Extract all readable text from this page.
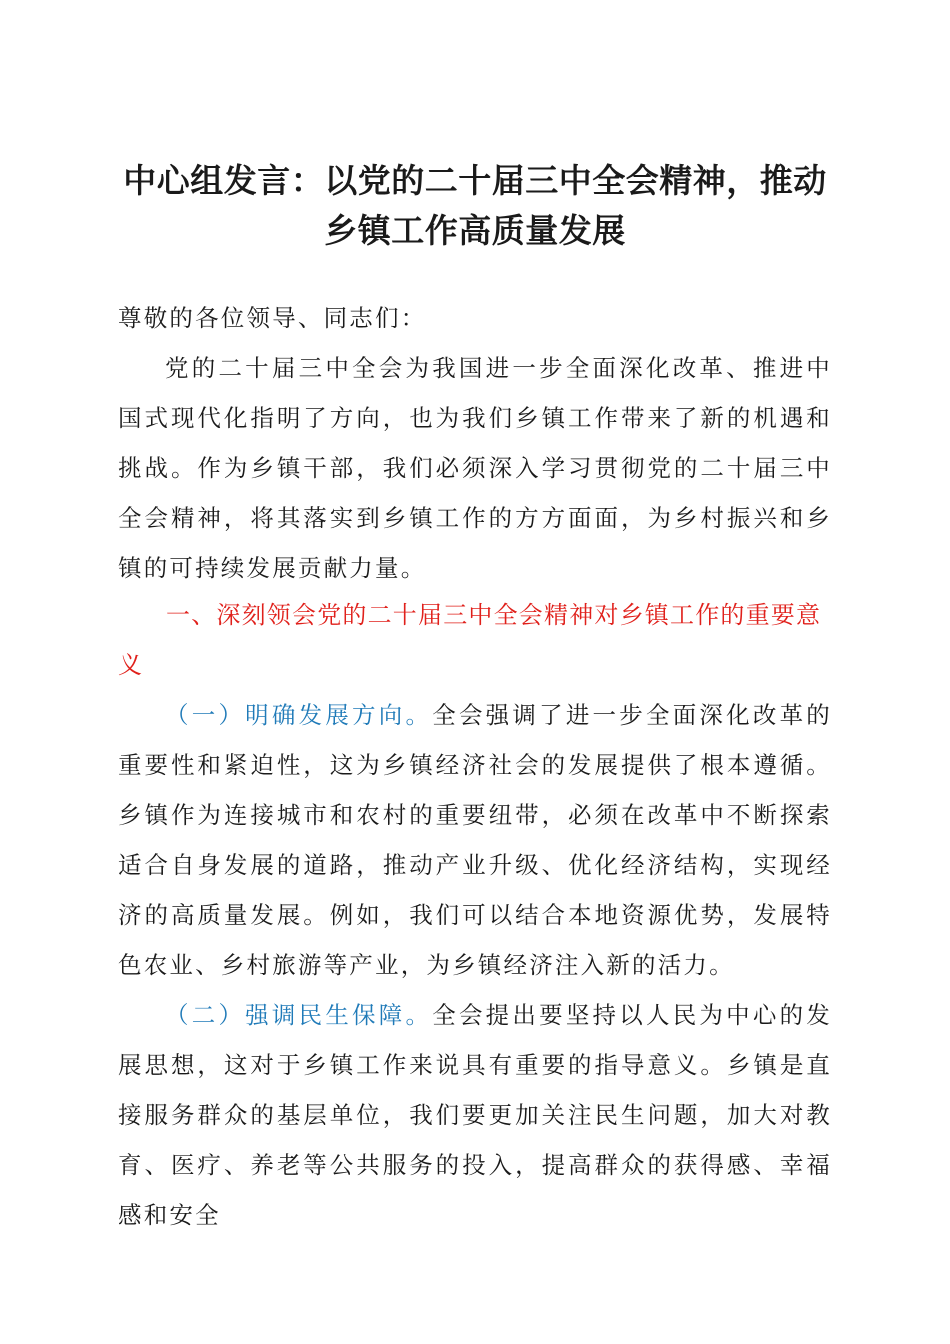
中心组发言：以党的二十届三中全会精神，推动乡镇工作高质量发展
尊敬的各位领导、同志们：
党的二十届三中全会为我国进一步全面深化改革、推进中国式现代化指明了方向，也为我们乡镇工作带来了新的机遇和挑战。作为乡镇干部，我们必须深入学习贯彻党的二十届三中全会精神，将其落实到乡镇工作的方方面面，为乡村振兴和乡镇的可持续发展贡献力量。
一、深刻领会党的二十届三中全会精神对乡镇工作的重要意义
（一）明确发展方向。全会强调了进一步全面深化改革的重要性和紧迫性，这为乡镇经济社会的发展提供了根本遵循。乡镇作为连接城市和农村的重要纽带，必须在改革中不断探索适合自身发展的道路，推动产业升级、优化经济结构，实现经济的高质量发展。例如，我们可以结合本地资源优势，发展特色农业、乡村旅游等产业，为乡镇经济注入新的活力。
（二）强调民生保障。全会提出要坚持以人民为中心的发展思想，这对于乡镇工作来说具有重要的指导意义。乡镇是直接服务群众的基层单位，我们要更加关注民生问题，加大对教育、医疗、养老等公共服务的投入，提高群众的获得感、幸福感和安全
